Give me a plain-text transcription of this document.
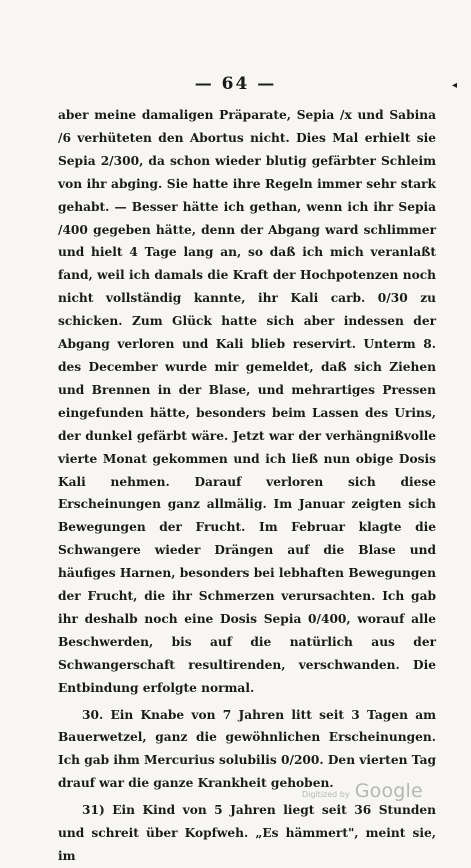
— 64 —	◂

aber meine damaligen Präparate, Sepia /x und Sabina /6 verhüteten den Abortus nicht. Dies Mal erhielt sie Sepia 2/300, da schon wieder blutig gefärbter Schleim von ihr abging. Sie hatte ihre Regeln immer sehr stark gehabt. — Besser hätte ich gethan, wenn ich ihr Sepia /400 gegeben hätte, denn der Abgang ward schlimmer und hielt 4 Tage lang an, so daß ich mich veranlaßt fand, weil ich damals die Kraft der Hochpotenzen noch nicht vollständig kannte, ihr Kali carb. 0/30 zu schicken. Zum Glück hatte sich aber indessen der Abgang verloren und Kali blieb reservirt. Unterm 8. des December wurde mir gemeldet, daß sich Ziehen und Brennen in der Blase, und mehrartiges Pressen eingefunden hätte, besonders beim Lassen des Urins, der dunkel gefärbt wäre. Jetzt war der verhängnißvolle vierte Monat gekommen und ich ließ nun obige Dosis Kali nehmen. Darauf verloren sich diese Erscheinungen ganz allmälig. Im Januar zeigten sich Bewegungen der Frucht. Im Februar klagte die Schwangere wieder Drängen auf die Blase und häufiges Harnen, besonders bei lebhaften Bewegungen der Frucht, die ihr Schmerzen verursachten. Ich gab ihr deshalb noch eine Dosis Sepia 0/400, worauf alle Beschwerden, bis auf die natürlich aus der Schwangerschaft resultirenden, verschwanden. Die Entbindung erfolgte normal.

30. Ein Knabe von 7 Jahren litt seit 3 Tagen am Bauerwetzel, ganz die gewöhnlichen Erscheinungen. Ich gab ihm Mercurius solubilis 0/200. Den vierten Tag drauf war die ganze Krankheit gehoben.

31) Ein Kind von 5 Jahren liegt seit 36 Stunden und schreit über Kopfweh. „Es hämmert", meint sie, im

Digitized by Google
